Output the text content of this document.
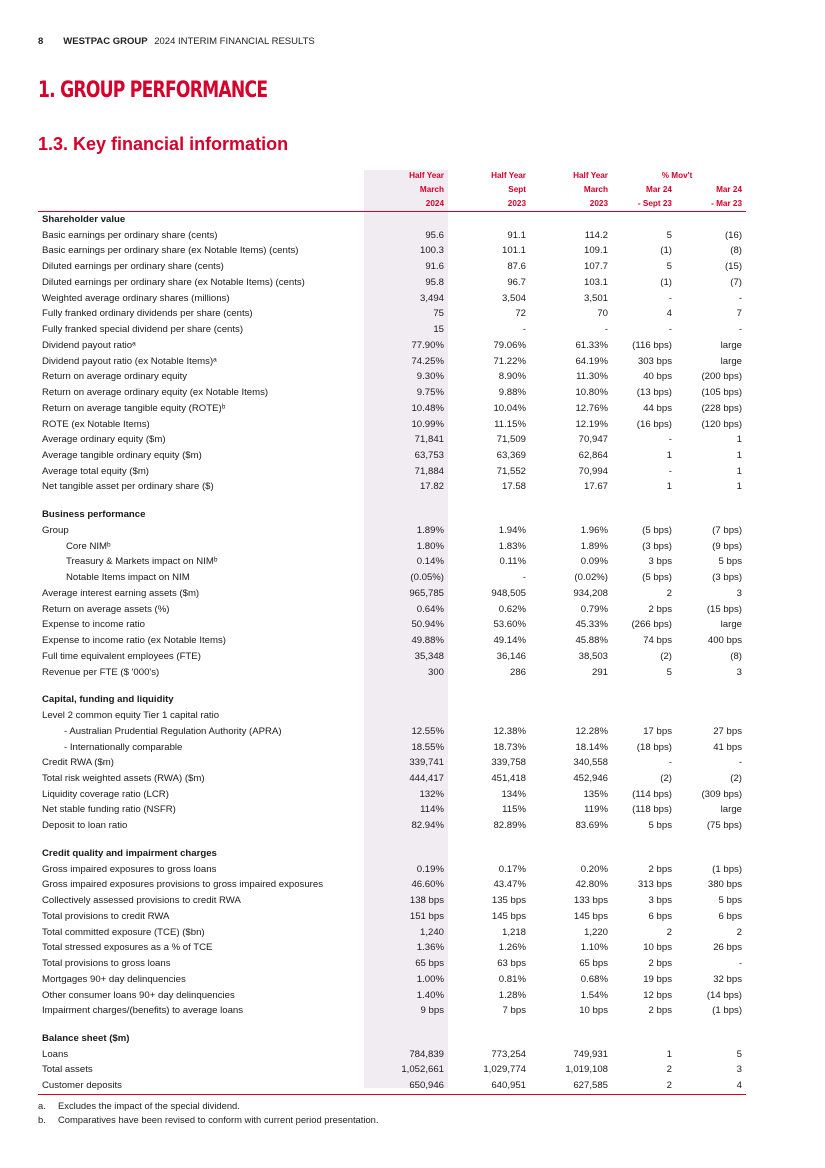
8 WESTPAC GROUP 2024 INTERIM FINANCIAL RESULTS
1. GROUP PERFORMANCE
1.3. Key financial information
	Half Year	Half Year	Half Year	% Mov't	
	March	Sept	March	Mar 24	Mar 24
	2024	2023	2023	- Sept 23	- Mar 23
Shareholder value					
Basic earnings per ordinary share (cents)	95.6	91.1	114.2	5	(16)
Basic earnings per ordinary share (ex Notable Items) (cents)	100.3	101.1	109.1	(1)	(8)
Diluted earnings per ordinary share (cents)	91.6	87.6	107.7	5	(15)
Diluted earnings per ordinary share (ex Notable Items) (cents)	95.8	96.7	103.1	(1)	(7)
Weighted average ordinary shares (millions)	3,494	3,504	3,501	-	-
Fully franked ordinary dividends per share (cents)	75	72	70	4	7
Fully franked special dividend per share (cents)	15	-	-	-	-
Dividend payout ratioᵃ	77.90%	79.06%	61.33%	(116 bps)	large
Dividend payout ratio (ex Notable Items)ᵃ	74.25%	71.22%	64.19%	303 bps	large
Return on average ordinary equity	9.30%	8.90%	11.30%	40 bps	(200 bps)
Return on average ordinary equity (ex Notable Items)	9.75%	9.88%	10.80%	(13 bps)	(105 bps)
Return on average tangible equity (ROTE)ᵇ	10.48%	10.04%	12.76%	44 bps	(228 bps)
ROTE (ex Notable Items)	10.99%	11.15%	12.19%	(16 bps)	(120 bps)
Average ordinary equity ($m)	71,841	71,509	70,947	-	1
Average tangible ordinary equity ($m)	63,753	63,369	62,864	1	1
Average total equity ($m)	71,884	71,552	70,994	-	1
Net tangible asset per ordinary share ($)	17.82	17.58	17.67	1	1

Business performance					
Group	1.89%	1.94%	1.96%	(5 bps)	(7 bps)
Core NIMᵇ	1.80%	1.83%	1.89%	(3 bps)	(9 bps)
Treasury & Markets impact on NIMᵇ	0.14%	0.11%	0.09%	3 bps	5 bps
Notable Items impact on NIM	(0.05%)	-	(0.02%)	(5 bps)	(3 bps)
Average interest earning assets ($m)	965,785	948,505	934,208	2	3
Return on average assets (%)	0.64%	0.62%	0.79%	2 bps	(15 bps)
Expense to income ratio	50.94%	53.60%	45.33%	(266 bps)	large
Expense to income ratio (ex Notable Items)	49.88%	49.14%	45.88%	74 bps	400 bps
Full time equivalent employees (FTE)	35,348	36,146	38,503	(2)	(8)
Revenue per FTE ($ '000's)	300	286	291	5	3

Capital, funding and liquidity					
Level 2 common equity Tier 1 capital ratio					
- Australian Prudential Regulation Authority (APRA)	12.55%	12.38%	12.28%	17 bps	27 bps
- Internationally comparable	18.55%	18.73%	18.14%	(18 bps)	41 bps
Credit RWA ($m)	339,741	339,758	340,558	-	-
Total risk weighted assets (RWA) ($m)	444,417	451,418	452,946	(2)	(2)
Liquidity coverage ratio (LCR)	132%	134%	135%	(114 bps)	(309 bps)
Net stable funding ratio (NSFR)	114%	115%	119%	(118 bps)	large
Deposit to loan ratio	82.94%	82.89%	83.69%	5 bps	(75 bps)

Credit quality and impairment charges					
Gross impaired exposures to gross loans	0.19%	0.17%	0.20%	2 bps	(1 bps)
Gross impaired exposures provisions to gross impaired exposures	46.60%	43.47%	42.80%	313 bps	380 bps
Collectively assessed provisions to credit RWA	138 bps	135 bps	133 bps	3 bps	5 bps
Total provisions to credit RWA	151 bps	145 bps	145 bps	6 bps	6 bps
Total committed exposure (TCE) ($bn)	1,240	1,218	1,220	2	2
Total stressed exposures as a % of TCE	1.36%	1.26%	1.10%	10 bps	26 bps
Total provisions to gross loans	65 bps	63 bps	65 bps	2 bps	-
Mortgages 90+ day delinquencies	1.00%	0.81%	0.68%	19 bps	32 bps
Other consumer loans 90+ day delinquencies	1.40%	1.28%	1.54%	12 bps	(14 bps)
Impairment charges/(benefits) to average loans	9 bps	7 bps	10 bps	2 bps	(1 bps)

Balance sheet ($m)					
Loans	784,839	773,254	749,931	1	5
Total assets	1,052,661	1,029,774	1,019,108	2	3
Customer deposits	650,946	640,951	627,585	2	4
a. Excludes the impact of the special dividend.
b. Comparatives have been revised to conform with current period presentation.
